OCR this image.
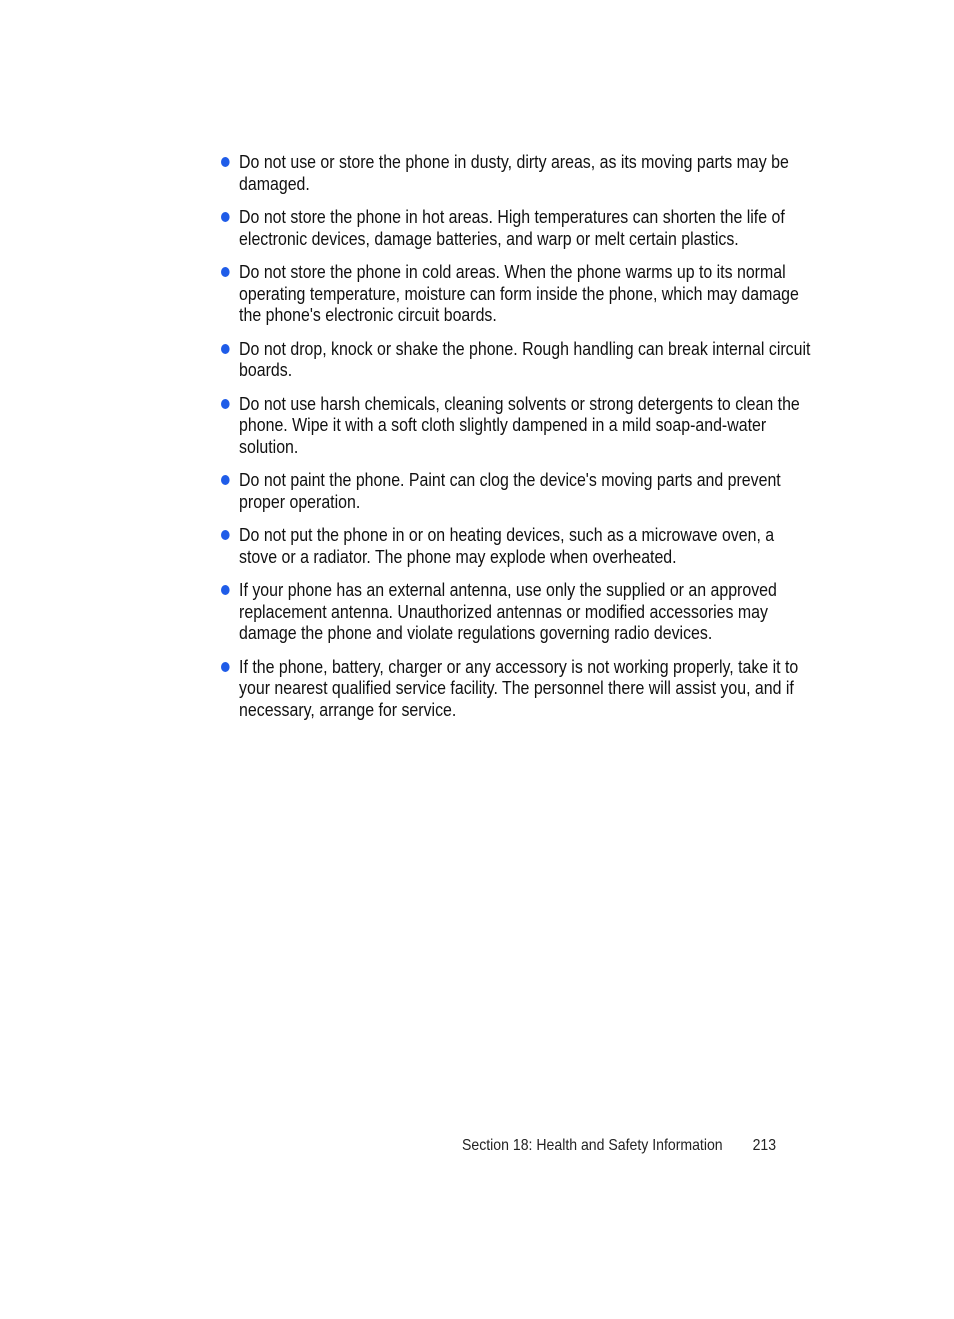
Do not use or store the phone in dusty, dirty areas, as its moving parts may be damaged.
Do not store the phone in hot areas. High temperatures can shorten the life of electronic devices, damage batteries, and warp or melt certain plastics.
Do not store the phone in cold areas. When the phone warms up to its normal operating temperature, moisture can form inside the phone, which may damage the phone's electronic circuit boards.
Do not drop, knock or shake the phone. Rough handling can break internal circuit boards.
Do not use harsh chemicals, cleaning solvents or strong detergents to clean the phone. Wipe it with a soft cloth slightly dampened in a mild soap-and-water solution.
Do not paint the phone. Paint can clog the device's moving parts and prevent proper operation.
Do not put the phone in or on heating devices, such as a microwave oven, a stove or a radiator. The phone may explode when overheated.
If your phone has an external antenna, use only the supplied or an approved replacement antenna. Unauthorized antennas or modified accessories may damage the phone and violate regulations governing radio devices.
If the phone, battery, charger or any accessory is not working properly, take it to your nearest qualified service facility. The personnel there will assist you, and if necessary, arrange for service.
Section 18: Health and Safety Information 213
